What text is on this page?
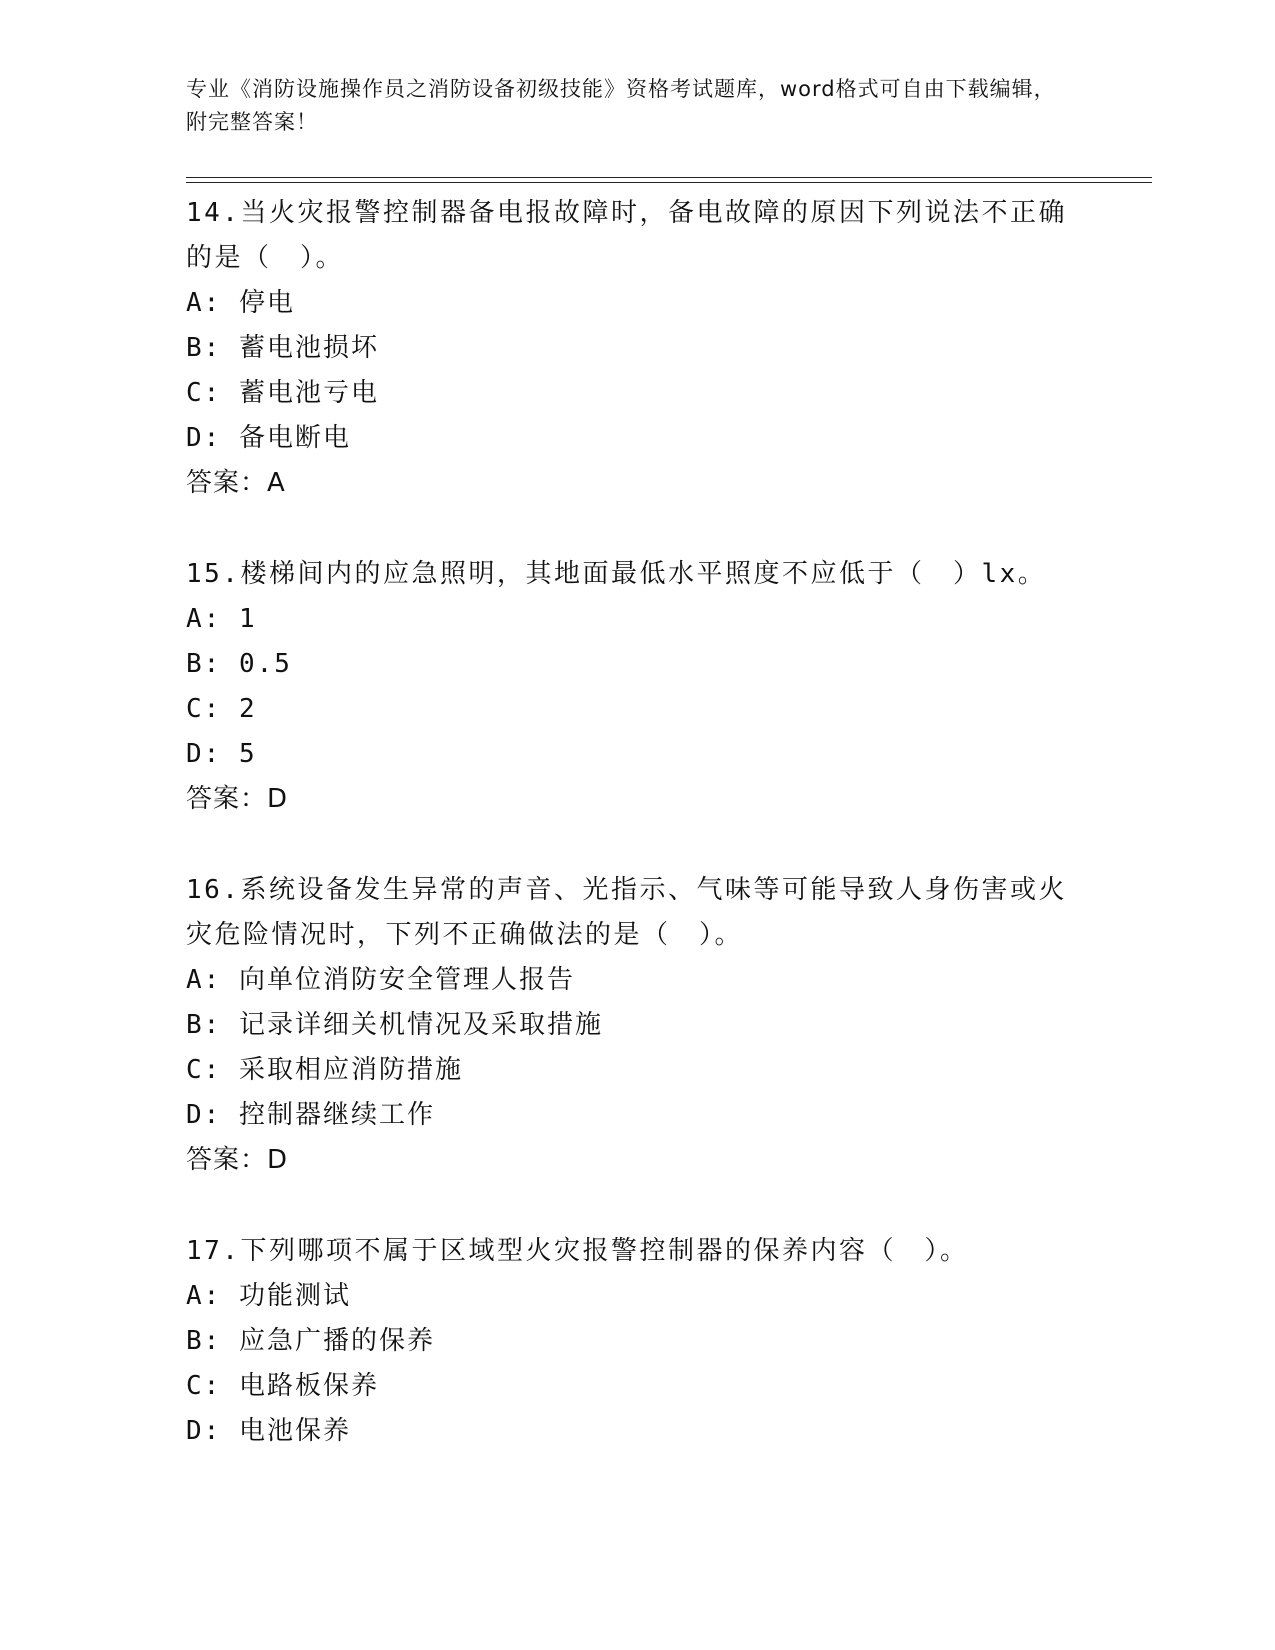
专业《消防设施操作员之消防设备初级技能》资格考试题库，word格式可自由下载编辑，附完整答案！
14.当火灾报警控制器备电报故障时，备电故障的原因下列说法不正确的是（　）。
A: 停电
B: 蓄电池损坏
C: 蓄电池亏电
D: 备电断电
答案：A
15.楼梯间内的应急照明，其地面最低水平照度不应低于（　）lx。
A: 1
B: 0.5
C: 2
D: 5
答案：D
16.系统设备发生异常的声音、光指示、气味等可能导致人身伤害或火灾危险情况时，下列不正确做法的是（　）。
A: 向单位消防安全管理人报告
B: 记录详细关机情况及采取措施
C: 采取相应消防措施
D: 控制器继续工作
答案：D
17.下列哪项不属于区域型火灾报警控制器的保养内容（　）。
A: 功能测试
B: 应急广播的保养
C: 电路板保养
D: 电池保养
